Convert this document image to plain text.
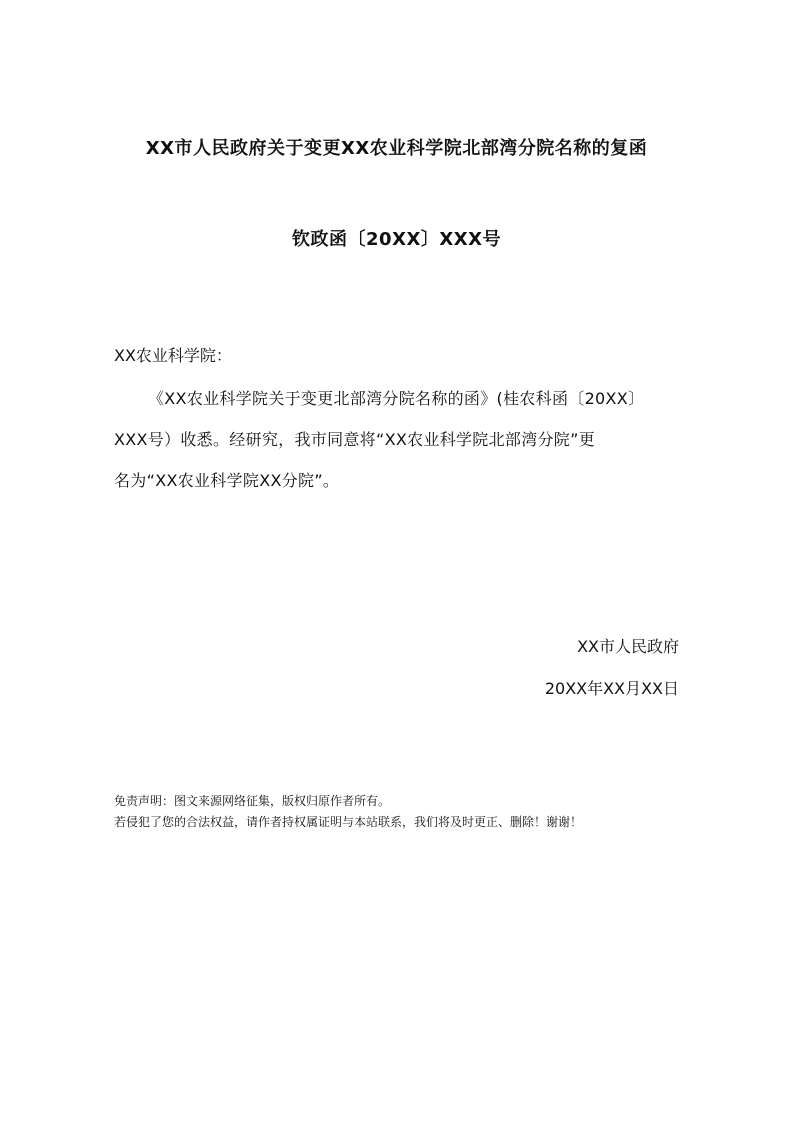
XX市人民政府关于变更XX农业科学院北部湾分院名称的复函
钦政函〔20XX〕XXX号
XX农业科学院：
《XX农业科学院关于变更北部湾分院名称的函》(桂农科函〔20XX〕
XXX号）收悉。经研究，我市同意将“XX农业科学院北部湾分院”更
名为“XX农业科学院XX分院”。
XX市人民政府
20XX年XX月XX日
免责声明：图文来源网络征集，版权归原作者所有。
若侵犯了您的合法权益，请作者持权属证明与本站联系，我们将及时更正、删除！谢谢！
